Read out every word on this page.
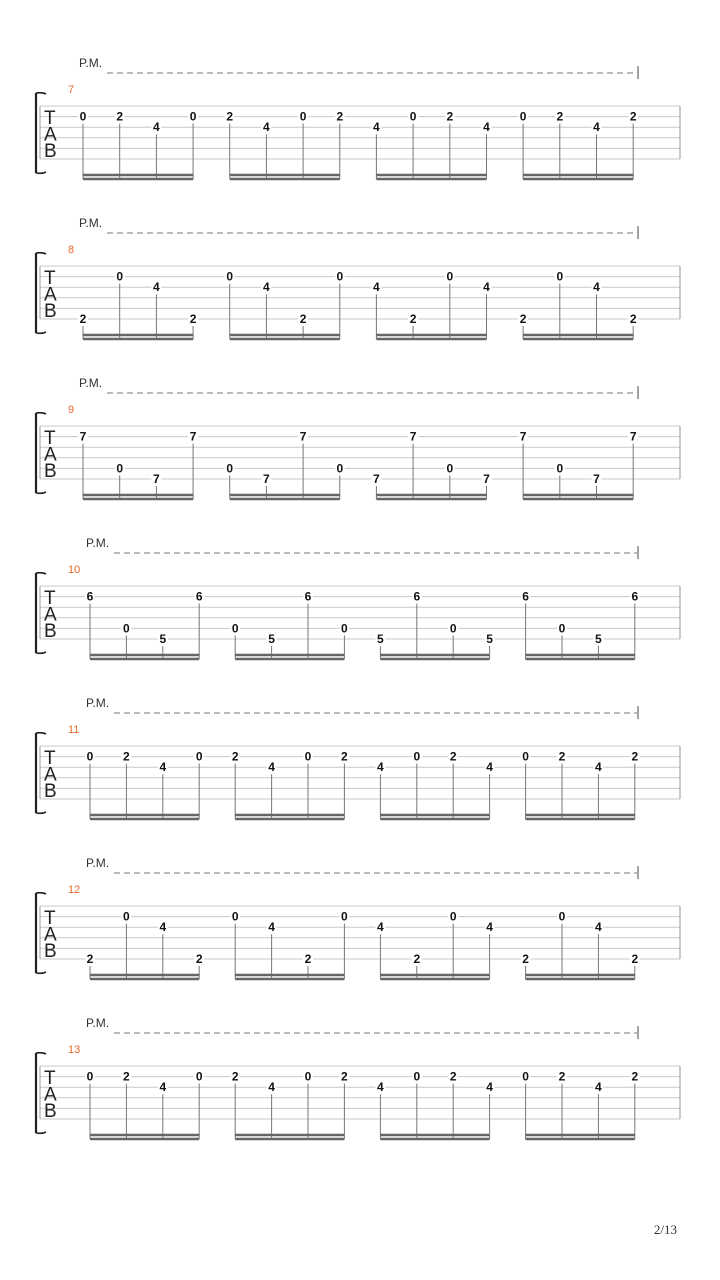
P.M.
7
T
A
B
0	2
4
0 2
4
0	2
4
0	2
4
0	2
4
2
P.M.
8
T
A
B 2
0
4
2
0
4
2
0
4
2
0
4
2
0
4
2
P.M.
9
T
A
B
7
0
7
7
0
7
7
0
7
7
0
7
7
0
7
7
P.M.
10
T
A
B
6
0
5
6
0
5
6
0
5
6
0
5
6
0
5
6
P.M.
11
T
A
B
0 2
4
0 2
4
0 2
4
0 2
4
0 2
4
2
P.M.
12
T
A
B 2
0
4
2
0
4
2
0
4
2
0
4
2
0
4
2
P.M.
13
T
A
B
0 2
4
0 2
4
0 2
4
0 2
4
0 2
4
2
2/13
